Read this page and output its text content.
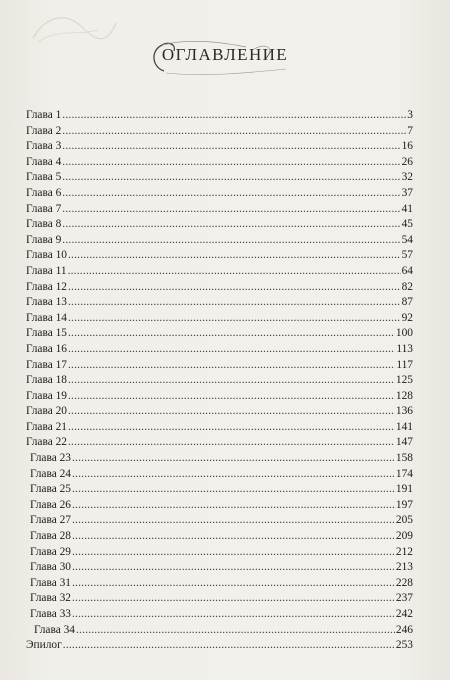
ОГЛАВЛЕНИЕ
Глава 1 .....	3
Глава 2 .....	7
Глава 3 .....	16
Глава 4 .....	26
Глава 5 .....	32
Глава 6 .....	37
Глава 7 .....	41
Глава 8 .....	45
Глава 9 .....	54
Глава 10 .....	57
Глава 11 .....	64
Глава 12 .....	82
Глава 13 .....	87
Глава 14 .....	92
Глава 15 .....	100
Глава 16 .....	113
Глава 17 .....	117
Глава 18 .....	125
Глава 19 .....	128
Глава 20 .....	136
Глава 21 .....	141
Глава 22 .....	147
Глава 23 .....	158
Глава 24 .....	174
Глава 25 .....	191
Глава 26 .....	197
Глава 27 .....	205
Глава 28 .....	209
Глава 29 .....	212
Глава 30 .....	213
Глава 31 .....	228
Глава 32 .....	237
Глава 33 .....	242
Глава 34 .....	246
Эпилог .....	253
